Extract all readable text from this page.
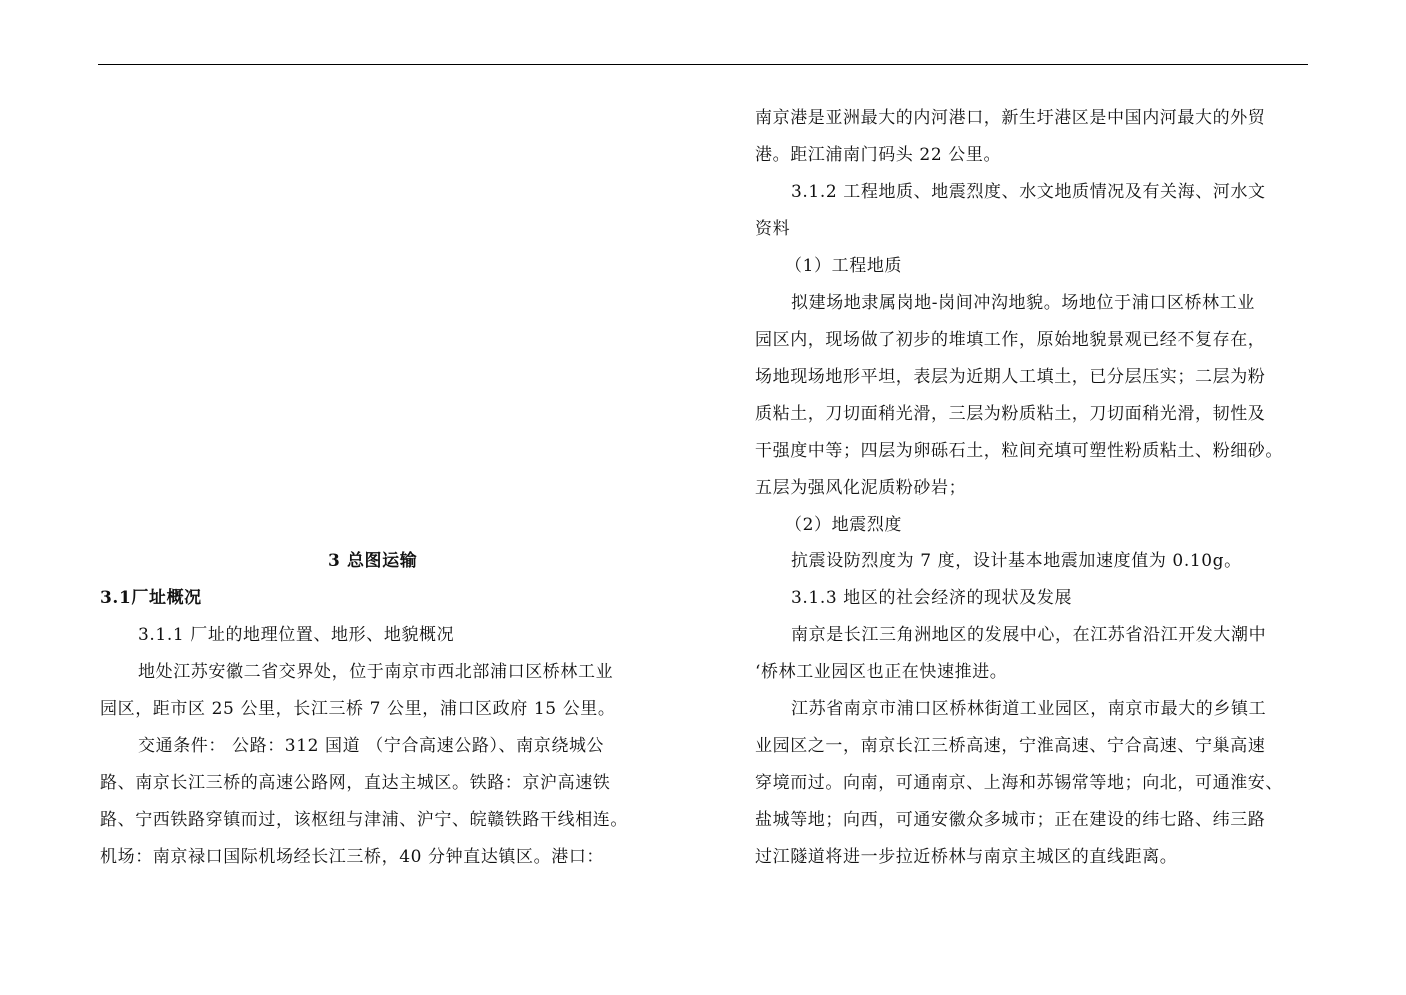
3 总图运输
3.1厂址概况
3.1.1 厂址的地理位置、地形、地貌概况
地处江苏安徽二省交界处，位于南京市西北部浦口区桥林工业
园区，距市区 25 公里，长江三桥 7 公里，浦口区政府 15 公里。
交通条件： 公路：312 国道 （宁合高速公路）、南京绕城公
路、南京长江三桥的高速公路网，直达主城区。铁路：京沪高速铁
路、宁西铁路穿镇而过，该枢纽与津浦、沪宁、皖赣铁路干线相连。
机场：南京禄口国际机场经长江三桥，40 分钟直达镇区。港口：
南京港是亚洲最大的内河港口，新生圩港区是中国内河最大的外贸
港。距江浦南门码头 22 公里。
3.1.2 工程地质、地震烈度、水文地质情况及有关海、河水文
资料
（1）工程地质
拟建场地隶属岗地-岗间冲沟地貌。场地位于浦口区桥林工业
园区内，现场做了初步的堆填工作，原始地貌景观已经不复存在，
场地现场地形平坦，表层为近期人工填土，已分层压实；二层为粉
质粘土，刀切面稍光滑，三层为粉质粘土，刀切面稍光滑，韧性及
干强度中等；四层为卵砾石土，粒间充填可塑性粉质粘土、粉细砂。
五层为强风化泥质粉砂岩；
（2）地震烈度
抗震设防烈度为 7 度，设计基本地震加速度值为 0.10g。
3.1.3 地区的社会经济的现状及发展
南京是长江三角洲地区的发展中心，在江苏省沿江开发大潮中
‘桥林工业园区也正在快速推进。
江苏省南京市浦口区桥林街道工业园区，南京市最大的乡镇工
业园区之一，南京长江三桥高速，宁淮高速、宁合高速、宁巢高速
穿境而过。向南，可通南京、上海和苏锡常等地；向北，可通淮安、
盐城等地；向西，可通安徽众多城市；正在建设的纬七路、纬三路
过江隧道将进一步拉近桥林与南京主城区的直线距离。
